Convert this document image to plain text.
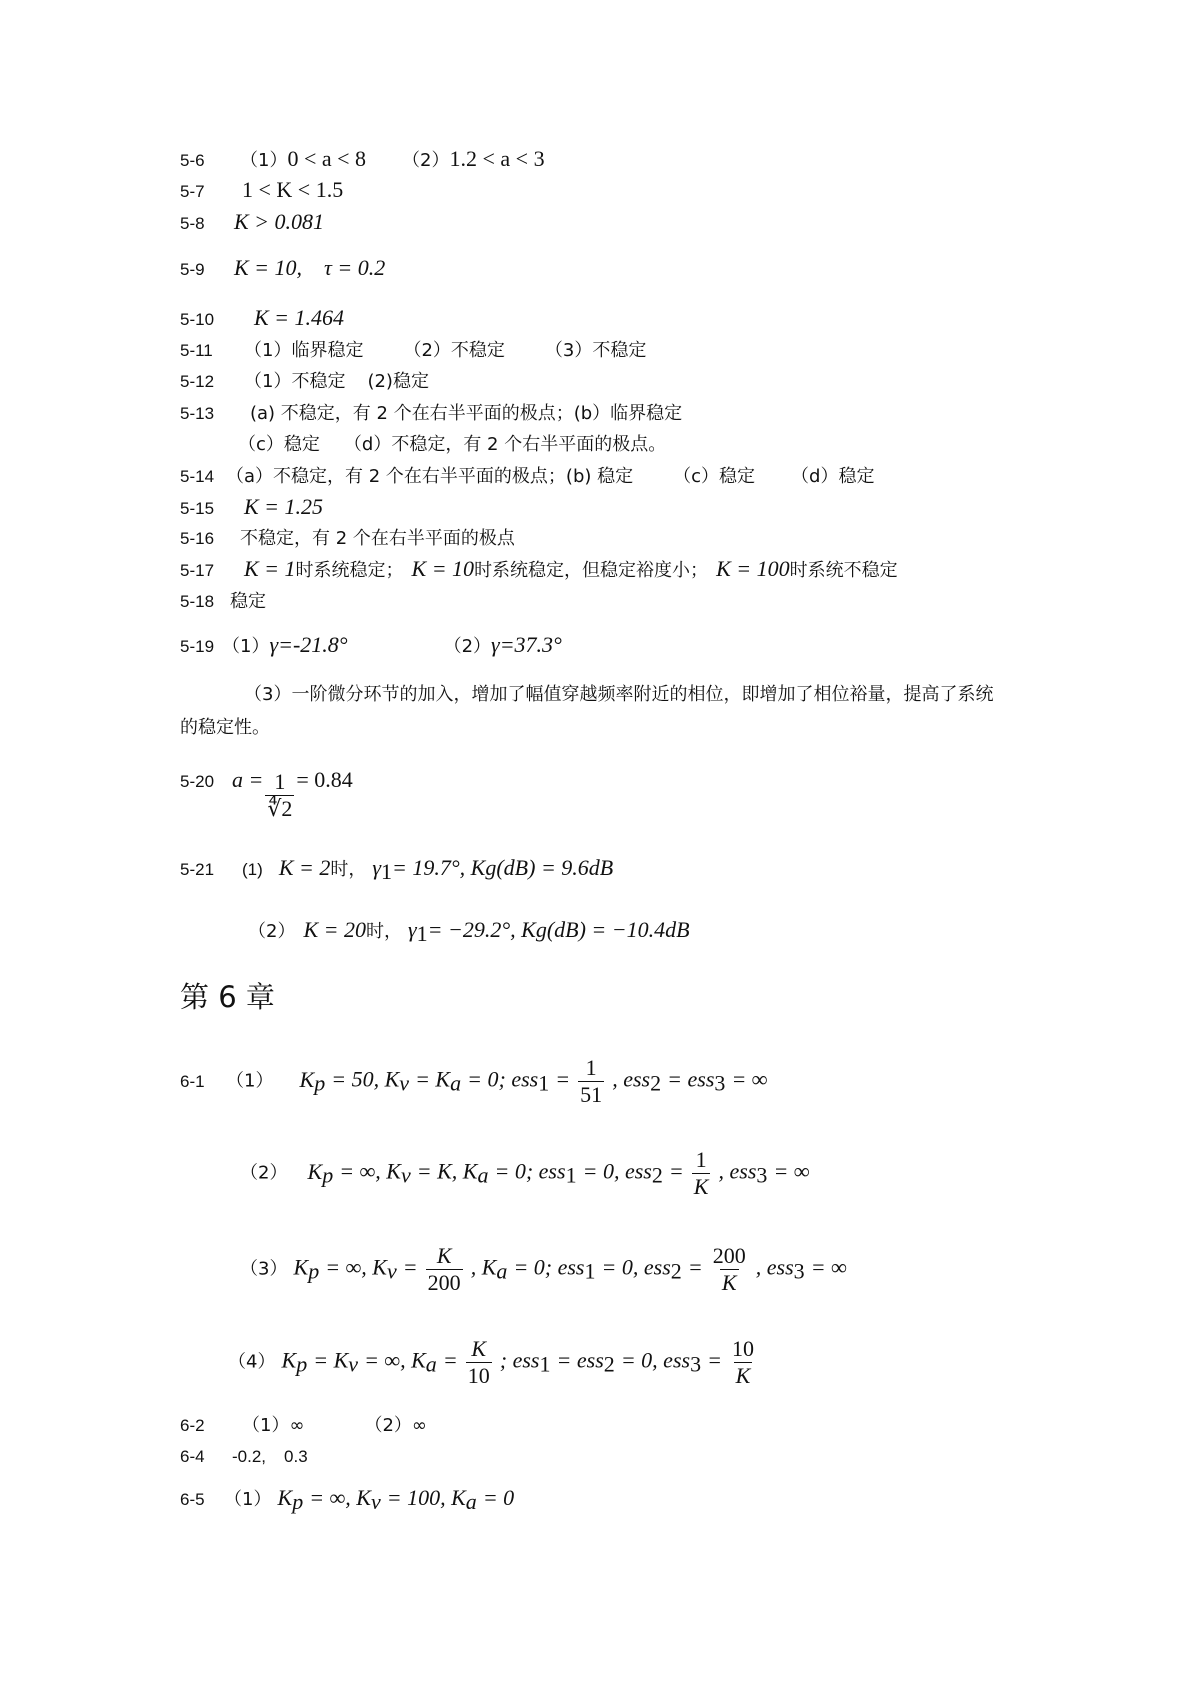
5-6 （1）0 < a < 8 （2）1.2 < a < 3
5-7 1 < K < 1.5
5-8 K > 0.081
5-9 K = 10, τ = 0.2
5-10 K = 1.464
5-11 （1）临界稳定 （2）不稳定 （3）不稳定
5-12 （1）不稳定 (2)稳定
5-13 (a) 不稳定，有 2 个在右半平面的极点；(b）临界稳定
（c）稳定 （d）不稳定，有 2 个右半平面的极点。
5-14 （a）不稳定，有 2 个在右半平面的极点；(b) 稳定 （c）稳定 （d）稳定
5-15 K = 1.25
5-16 不稳定，有 2 个在右半平面的极点
5-17 K = 1时系统稳定； K = 10时系统稳定，但稳定裕度小； K = 100时系统不稳定
5-18 稳定
5-19 （1）γ=-21.8°	（2）γ=37.3°
（3）一阶微分环节的加入，增加了幅值穿越频率附近的相位，即增加了相位裕量，提高了系统的稳定性。
5-20 $a = \frac{1}{∜2} = 0.84$
5-21 (1) K = 2时， $\gamma_1= 19.7^\circ$, Kg(dB) = 9.6dB
（2） K = 20时， $\gamma_1= -29.2^\circ$, Kg(dB) = −10.4dB
第 6 章
6-1 （1） $K_p = 50$, $K_v = K_a = 0$; $ess_1 = \frac{1}{51}$ , ess$_2$ = ess$_3$ = ∞
（2） $K_p$ = ∞, $K_v = K$, $K_a = 0$; ess$_1$ = 0, $ess_2 = \frac{1}{K}$ , ess$_3$ = ∞
（3） $K_p$ = ∞, $K_v = \frac{K}{200}$ , $K_a = 0$; ess$_1$ = 0, $ess_2 = \frac{200}{K}$ , ess$_3$ = ∞
（4） $K_p = K_v$ = ∞, $K_a = \frac{K}{10}$ ; ess$_1$ = ess$_2$ = 0, $ess_3 = \frac{10}{K}$
6-2 （1）∞	（2）∞
6-4 -0.2, 0.3
6-5 （1） $K_p$ = ∞, $K_v = 100$, $K_a = 0$
